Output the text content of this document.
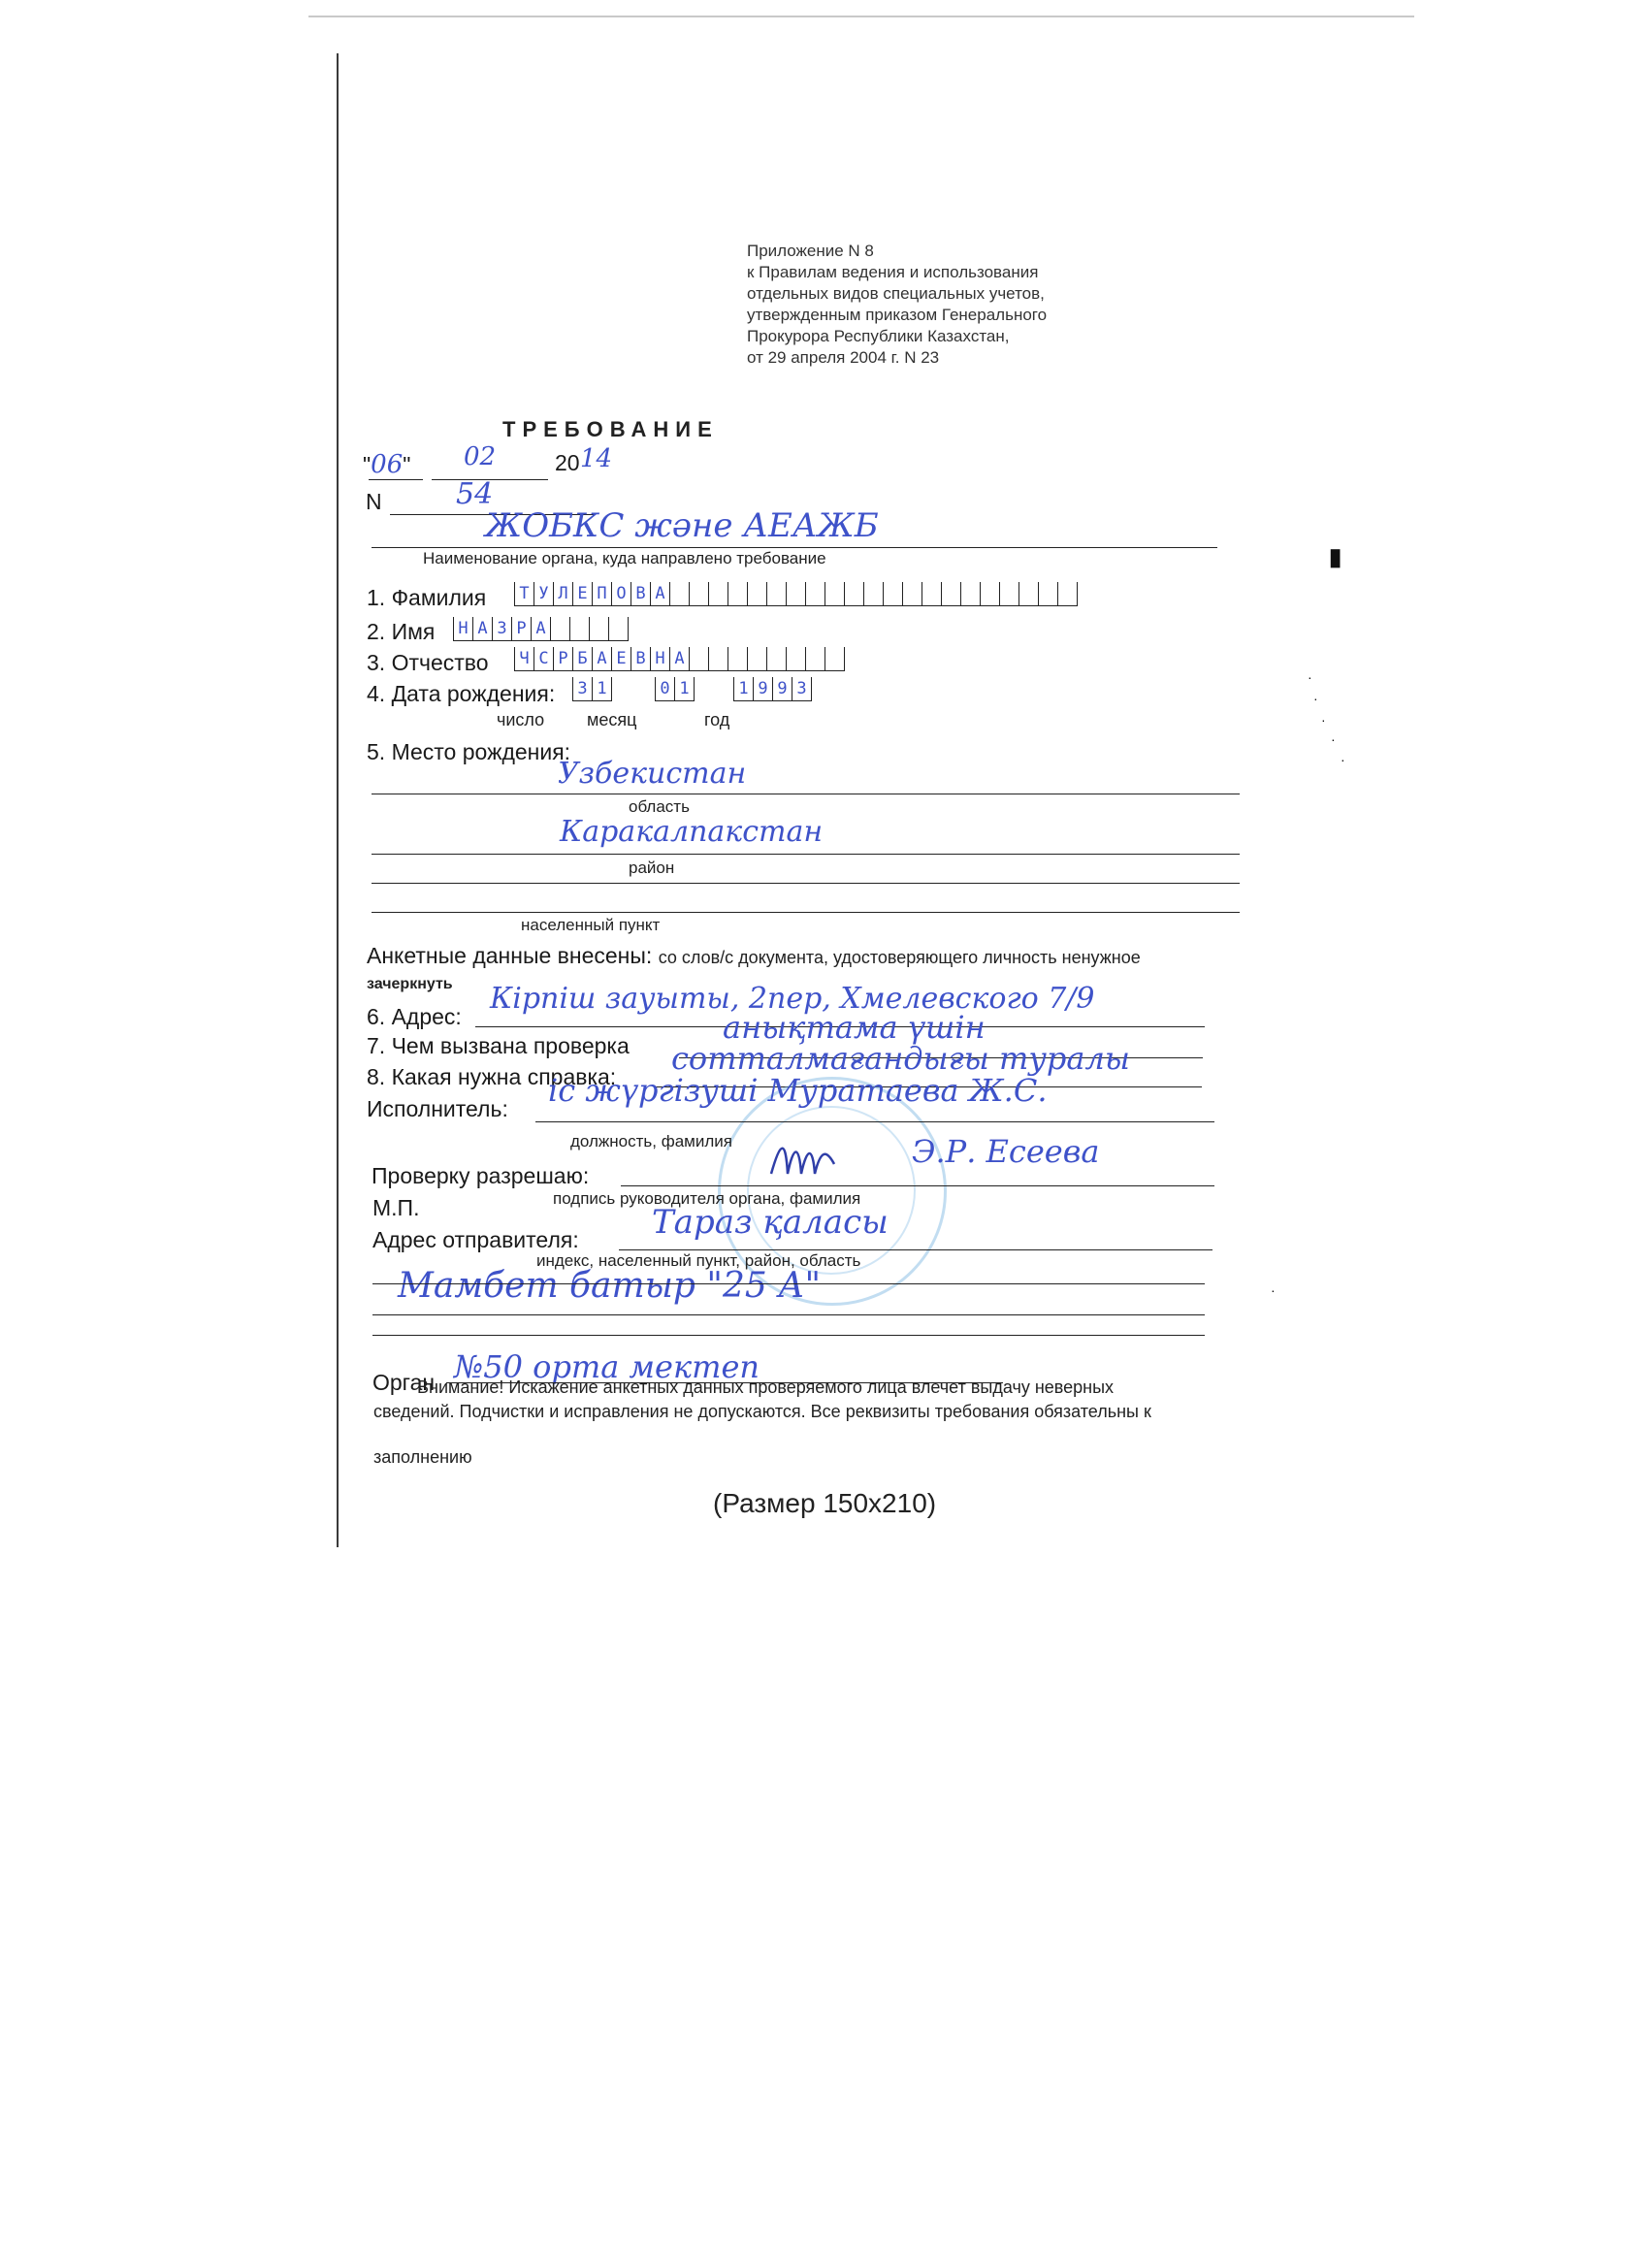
Приложение N 8
к Правилам ведения и использования
отдельных видов специальных учетов,
утвержденным приказом Генерального
Прокурора Республики Казахстан,
от 29 апреля 2004 г. N 23
ТРЕБОВАНИЕ
"06" 02	20 14
N	54
ЖОБКС және АЕАЖБ
Наименование органа, куда направлено требование
1. Фамилия	Т У Л Е П О В А
2. Имя	Н А З Р А
3. Отчество	Ч С Р Б А Е В Н А
4. Дата рождения:	3 1	0 1	1 9 9 3
число месяц	год
5. Место рождения:
Узбекистан
область
Каракалпакстан
район
населенный пункт
Анкетные данные внесены: со слов/с документа, удостоверяющего личность ненужное
зачеркнуть
6. Адрес:
Кірпіш зауыты, 2пер, Хмелевского 7/9
7. Чем вызвана проверка	анықтама үшін
8. Какая нужна справка: сотталмағандығы туралы
Исполнитель: іс жүргізуші Муратаева Ж.С.
должность, фамилия
Проверку разрешаю:
Э.Р. Есеева
М.П.	подпись руководителя органа, фамилия
Адрес отправителя: Тараз қаласы
индекс, населенный пункт, район, область
Мамбет батыр "25 А"
Орган №50 орта мектеп
Внимание! Искажение анкетных данных проверяемого лица влечет выдачу неверных
сведений. Подчистки и исправления не допускаются. Все реквизиты требования обязательны к
заполнению
(Размер 150x210)
▮
·
·
·
·
·
·
